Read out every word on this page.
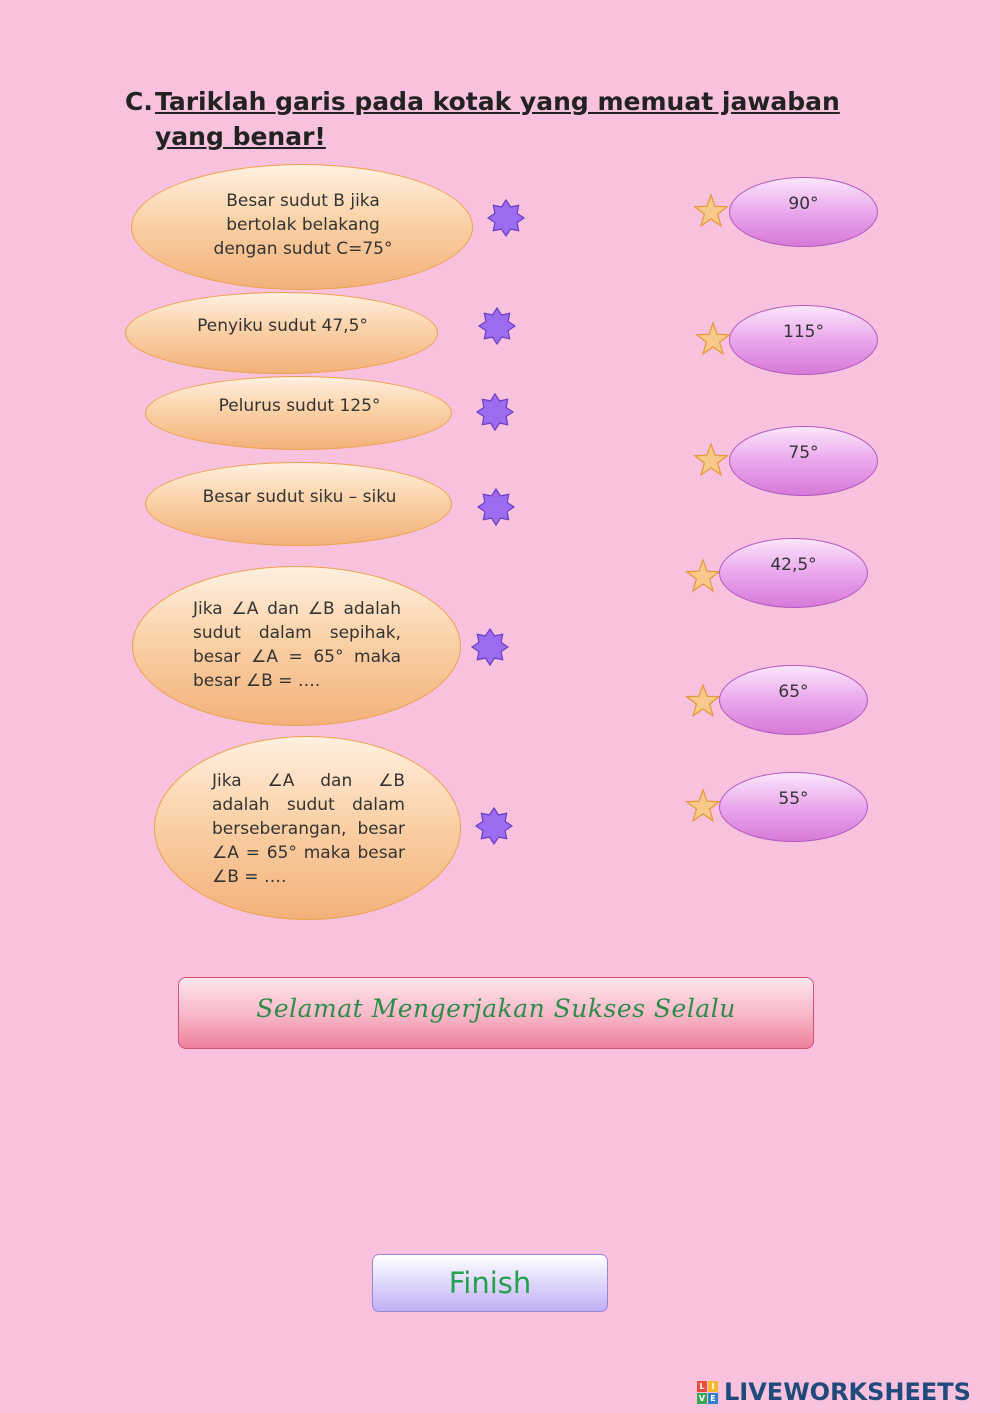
C. Tariklah garis pada kotak yang memuat jawaban yang benar!
Besar sudut B jika bertolak belakang dengan sudut C=75°
Penyiku sudut 47,5°
Pelurus sudut 125°
Besar sudut siku – siku
Jika ∠A dan ∠B adalah sudut dalam sepihak, besar ∠A = 65° maka besar ∠B = ….
Jika ∠A dan ∠B adalah sudut dalam berseberangan, besar ∠A = 65° maka besar ∠B = ….
90°
115°
75°
42,5°
65°
55°
Selamat Mengerjakan Sukses Selalu
Finish
L I
V E LIVEWORKSHEETS
